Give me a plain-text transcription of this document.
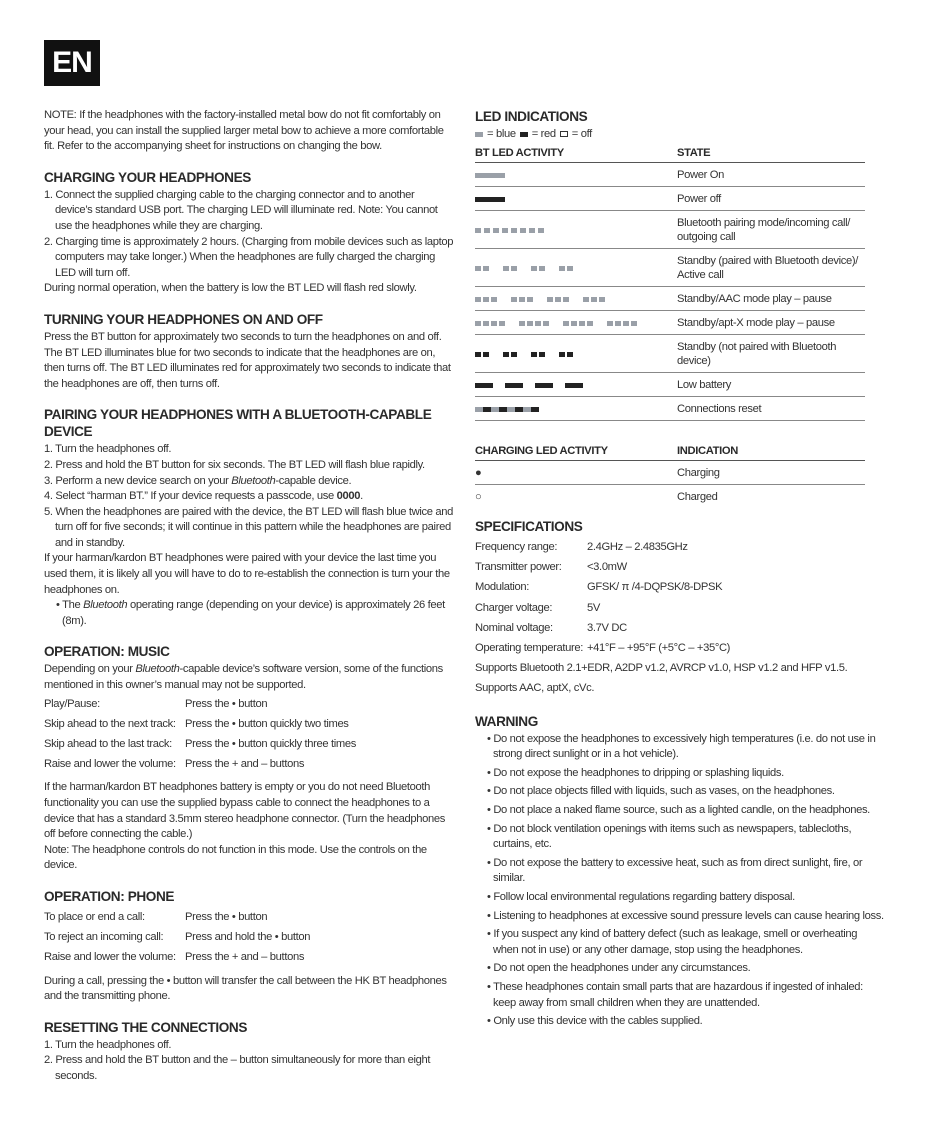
EN

NOTE: If the headphones with the factory-installed metal bow do not fit comfortably on your head, you can install the supplied larger metal bow to achieve a more comfortable fit. Refer to the accompanying sheet for instructions on changing the bow.

CHARGING YOUR HEADPHONES
1. Connect the supplied charging cable to the charging connector and to another device’s standard USB port. The charging LED will illuminate red. Note: You cannot use the headphones while they are charging.
2. Charging time is approximately 2 hours. (Charging from mobile devices such as laptop computers may take longer.) When the headphones are fully charged the charging LED will turn off.

During normal operation, when the battery is low the BT LED will flash red slowly.

TURNING YOUR HEADPHONES ON AND OFF

Press the BT button for approximately two seconds to turn the headphones on and off. The BT LED illuminates blue for two seconds to indicate that the headphones are on, then turns off. The BT LED illuminates red for approximately two seconds to indicate that the headphones are off, then turns off.

PAIRING YOUR HEADPHONES WITH A BLUETOOTH-CAPABLE DEVICE
1. Turn the headphones off.
2. Press and hold the BT button for six seconds. The BT LED will flash blue rapidly.
3. Perform a new device search on your Bluetooth-capable device.
4. Select “harman BT.” If your device requests a passcode, use 0000.
5. When the headphones are paired with the device, the BT LED will flash blue twice and turn off for five seconds; it will continue in this pattern while the headphones are paired and in standby.

If your harman/kardon BT headphones were paired with your device the last time you used them, it is likely all you will have to do to re-establish the connection is turn your the headphones on.

• The Bluetooth operating range (depending on your device) is approximately 26 feet (8m).

OPERATION: MUSIC

Depending on your Bluetooth-capable device’s software version, some of the functions mentioned in this owner’s manual may not be supported.

Play/Pause:	Press the • button
Skip ahead to the next track: Press the • button quickly two times
Skip ahead to the last track:	Press the • button quickly three times
Raise and lower the volume: Press the + and – buttons

If the harman/kardon BT headphones battery is empty or you do not need Bluetooth functionality you can use the supplied bypass cable to connect the headphones to a device that has a standard 3.5mm stereo headphone connector. (Turn the headphones off before connecting the cable.)

Note: The headphone controls do not function in this mode. Use the controls on the device.

OPERATION: PHONE
To place or end a call:	Press the • button
To reject an incoming call:	Press and hold the • button
Raise and lower the volume: Press the + and – buttons

During a call, pressing the • button will transfer the call between the HK BT headphones and the transmitting phone.

RESETTING THE CONNECTIONS
1. Turn the headphones off.
2. Press and hold the BT button and the – button simultaneously for more than eight seconds.
LED INDICATIONS
= blue = red = off
BT LED ACTIVITY	STATE

	Power On

	Power off

	Bluetooth pairing mode/incoming call/ outgoing call

	Standby (paired with Bluetooth device)/ Active call

	Standby/AAC mode play – pause

	Standby/apt-X mode play – pause

	Standby (not paired with Bluetooth device)

	Low battery

	Connections reset
CHARGING LED ACTIVITY	INDICATION
●	Charging
○	Charged
SPECIFICATIONS
Frequency range:	2.4GHz – 2.4835GHz
Transmitter power:	<3.0mW
Modulation:	GFSK/ π /4-DQPSK/8-DPSK
Charger voltage:	5V
Nominal voltage:	3.7V DC
Operating temperature: +41°F – +95°F (+5°C – +35°C)
Supports Bluetooth 2.1+EDR, A2DP v1.2, AVRCP v1.0, HSP v1.2 and HFP v1.5.
Supports AAC, aptX, cVc.
WARNING

• Do not expose the headphones to excessively high temperatures (i.e. do not use in strong direct sunlight or in a hot vehicle).

• Do not expose the headphones to dripping or splashing liquids.

• Do not place objects filled with liquids, such as vases, on the headphones.

• Do not place a naked flame source, such as a lighted candle, on the headphones.

• Do not block ventilation openings with items such as newspapers, tablecloths, curtains, etc.

• Do not expose the battery to excessive heat, such as from direct sunlight, fire, or similar.

• Follow local environmental regulations regarding battery disposal.

• Listening to headphones at excessive sound pressure levels can cause hearing loss.

• If you suspect any kind of battery defect (such as leakage, smell or overheating when not in use) or any other damage, stop using the headphones.

• Do not open the headphones under any circumstances.

• These headphones contain small parts that are hazardous if ingested of inhaled: keep away from small children when they are unattended.

• Only use this device with the cables supplied.
